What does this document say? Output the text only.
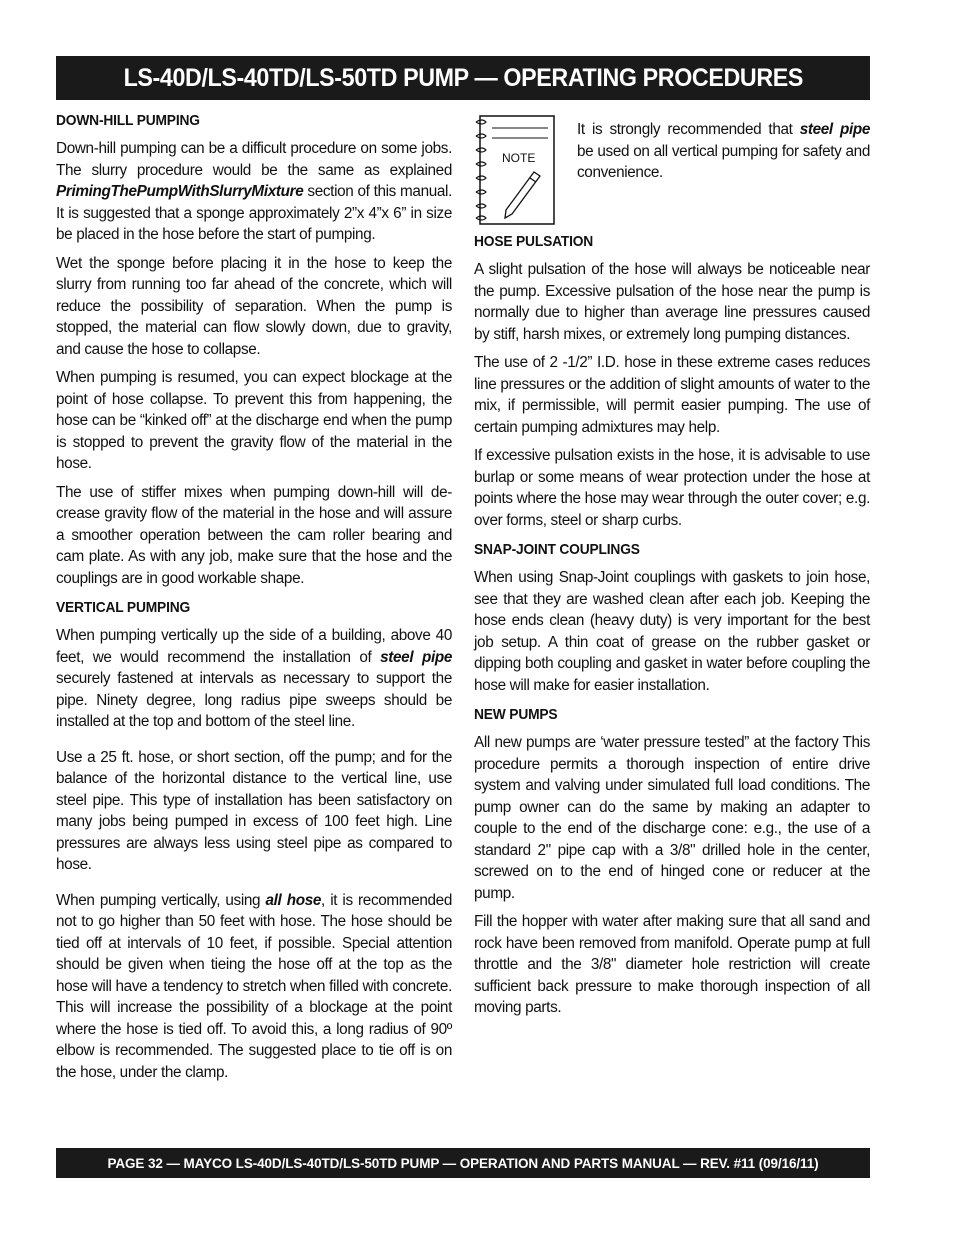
LS-40D/LS-40TD/LS-50TD PUMP — OPERATING PROCEDURES
DOWN-HILL PUMPING

Down-hill pumping can be a difficult procedure on some jobs. The slurry procedure would be the same as explained PrimingThePumpWithSlurryMixture section of this manual. It is suggested that a sponge approximately 2”x 4”x 6” in size be placed in the hose before the start of pumping.

Wet the sponge before placing it in the hose to keep the slurry from running too far ahead of the concrete, which will reduce the possibility of separation. When the pump is stopped, the material can flow slowly down, due to gravity, and cause the hose to collapse.

When pumping is resumed, you can expect blockage at the point of hose collapse. To prevent this from happening, the hose can be “kinked off” at the discharge end when the pump is stopped to prevent the gravity flow of the material in the hose.

The use of stiffer mixes when pumping down-hill will de-crease gravity flow of the material in the hose and will assure a smoother operation between the cam roller bearing and cam plate. As with any job, make sure that the hose and the couplings are in good workable shape.

VERTICAL PUMPING

When pumping vertically up the side of a building, above 40 feet, we would recommend the installation of steel pipe securely fastened at intervals as necessary to support the pipe. Ninety degree, long radius pipe sweeps should be installed at the top and bottom of the steel line.

Use a 25 ft. hose, or short section, off the pump; and for the balance of the horizontal distance to the vertical line, use steel pipe. This type of installation has been satisfactory on many jobs being pumped in excess of 100 feet high. Line pressures are always less using steel pipe as compared to hose.

When pumping vertically, using all hose, it is recommended not to go higher than 50 feet with hose. The hose should be tied off at intervals of 10 feet, if possible. Special attention should be given when tieing the hose off at the top as the hose will have a tendency to stretch when filled with concrete. This will increase the possibility of a blockage at the point where the hose is tied off. To avoid this, a long radius of 90º elbow is recommended. The suggested place to tie off is on the hose, under the clamp.

NOTE

It is strongly recommended that steel pipe be used on all vertical pumping for safety and convenience.

HOSE PULSATION

A slight pulsation of the hose will always be noticeable near the pump. Excessive pulsation of the hose near the pump is normally due to higher than average line pressures caused by stiff, harsh mixes, or extremely long pumping distances.

The use of 2 -1/2” I.D. hose in these extreme cases reduces line pressures or the addition of slight amounts of water to the mix, if permissible, will permit easier pumping. The use of certain pumping admixtures may help.

If excessive pulsation exists in the hose, it is advisable to use burlap or some means of wear protection under the hose at points where the hose may wear through the outer cover; e.g. over forms, steel or sharp curbs.

SNAP-JOINT COUPLINGS

When using Snap-Joint couplings with gaskets to join hose, see that they are washed clean after each job. Keeping the hose ends clean (heavy duty) is very important for the best job setup. A thin coat of grease on the rubber gasket or dipping both coupling and gasket in water before coupling the hose will make for easier installation.

NEW PUMPS

All new pumps are ‘water pressure tested” at the factory This procedure permits a thorough inspection of entire drive system and valving under simulated full load conditions. The pump owner can do the same by making an adapter to couple to the end of the discharge cone: e.g., the use of a standard 2" pipe cap with a 3/8" drilled hole in the center, screwed on to the end of hinged cone or reducer at the pump.

Fill the hopper with water after making sure that all sand and rock have been removed from manifold. Operate pump at full throttle and the 3/8" diameter hole restriction will create sufficient back pressure to make thorough inspection of all moving parts.

PAGE 32 — MAYCO LS-40D/LS-40TD/LS-50TD PUMP — OPERATION AND PARTS MANUAL — REV. #11 (09/16/11)
